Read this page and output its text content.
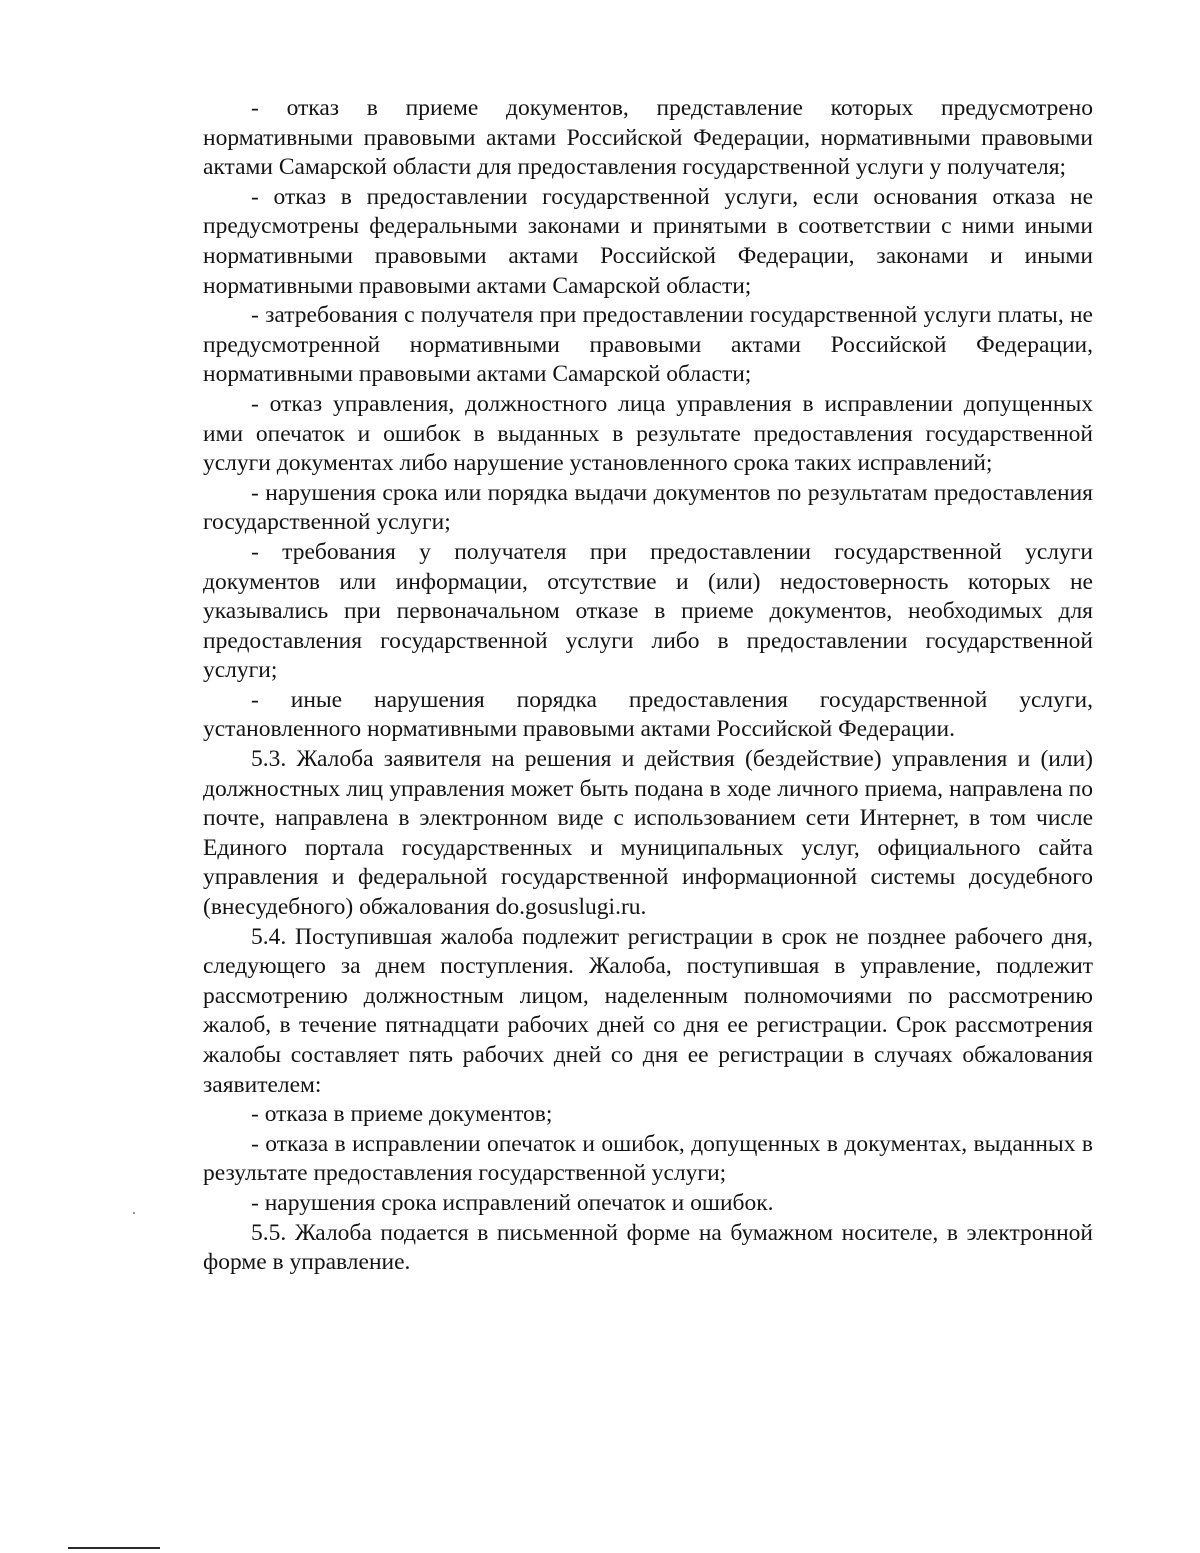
- отказ в приеме документов, представление которых предусмотрено нормативными правовыми актами Российской Федерации, нормативными правовыми актами Самарской области для предоставления государственной услуги у получателя;

- отказ в предоставлении государственной услуги, если основания отказа не предусмотрены федеральными законами и принятыми в соответствии с ними иными нормативными правовыми актами Российской Федерации, законами и иными нормативными правовыми актами Самарской области;

- затребования с получателя при предоставлении государственной услуги платы, не предусмотренной нормативными правовыми актами Российской Федерации, нормативными правовыми актами Самарской области;

- отказ управления, должностного лица управления в исправлении допущенных ими опечаток и ошибок в выданных в результате предоставления государственной услуги документах либо нарушение установленного срока таких исправлений;

- нарушения срока или порядка выдачи документов по результатам предоставления государственной услуги;

- требования у получателя при предоставлении государственной услуги документов или информации, отсутствие и (или) недостоверность которых не указывались при первоначальном отказе в приеме документов, необходимых для предоставления государственной услуги либо в предоставлении государственной услуги;

- иные нарушения порядка предоставления государственной услуги, установленного нормативными правовыми актами Российской Федерации.

5.3. Жалоба заявителя на решения и действия (бездействие) управления и (или) должностных лиц управления может быть подана в ходе личного приема, направлена по почте, направлена в электронном виде с использованием сети Интернет, в том числе Единого портала государственных и муниципальных услуг, официального сайта управления и федеральной государственной информационной системы досудебного (внесудебного) обжалования do.gosuslugi.ru.

5.4. Поступившая жалоба подлежит регистрации в срок не позднее рабочего дня, следующего за днем поступления. Жалоба, поступившая в управление, подлежит рассмотрению должностным лицом, наделенным полномочиями по рассмотрению жалоб, в течение пятнадцати рабочих дней со дня ее регистрации. Срок рассмотрения жалобы составляет пять рабочих дней со дня ее регистрации в случаях обжалования заявителем:

- отказа в приеме документов;

- отказа в исправлении опечаток и ошибок, допущенных в документах, выданных в результате предоставления государственной услуги;

- нарушения срока исправлений опечаток и ошибок.

5.5. Жалоба подается в письменной форме на бумажном носителе, в электронной форме в управление.
